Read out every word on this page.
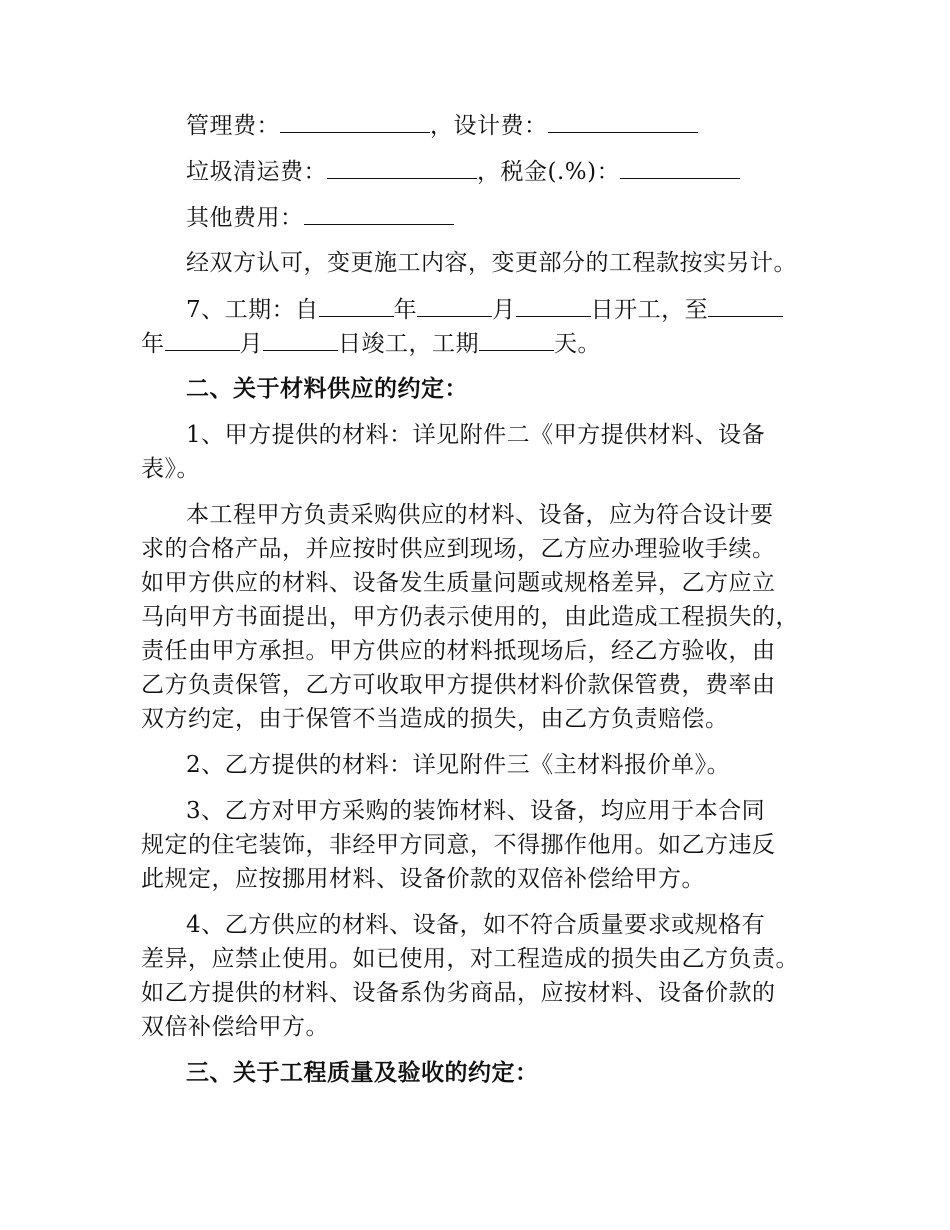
管理费：	，设计费：
垃圾清运费：	，税金(.%)：
其他费用：
经双方认可，变更施工内容，变更部分的工程款按实另计。
7、工期：自	年	月	日开工，至
年	月	日竣工，工期	天。
二、关于材料供应的约定：
1、甲方提供的材料：详见附件二《甲方提供材料、设备
表》。
本工程甲方负责采购供应的材料、设备，应为符合设计要
求的合格产品，并应按时供应到现场，乙方应办理验收手续。
如甲方供应的材料、设备发生质量问题或规格差异，乙方应立
马向甲方书面提出，甲方仍表示使用的，由此造成工程损失的，
责任由甲方承担。甲方供应的材料抵现场后，经乙方验收，由
乙方负责保管，乙方可收取甲方提供材料价款保管费，费率由
双方约定，由于保管不当造成的损失，由乙方负责赔偿。
2、乙方提供的材料：详见附件三《主材料报价单》。
3、乙方对甲方采购的装饰材料、设备，均应用于本合同
规定的住宅装饰，非经甲方同意，不得挪作他用。如乙方违反
此规定，应按挪用材料、设备价款的双倍补偿给甲方。
4、乙方供应的材料、设备，如不符合质量要求或规格有
差异，应禁止使用。如已使用，对工程造成的损失由乙方负责。
如乙方提供的材料、设备系伪劣商品，应按材料、设备价款的
双倍补偿给甲方。
三、关于工程质量及验收的约定：
